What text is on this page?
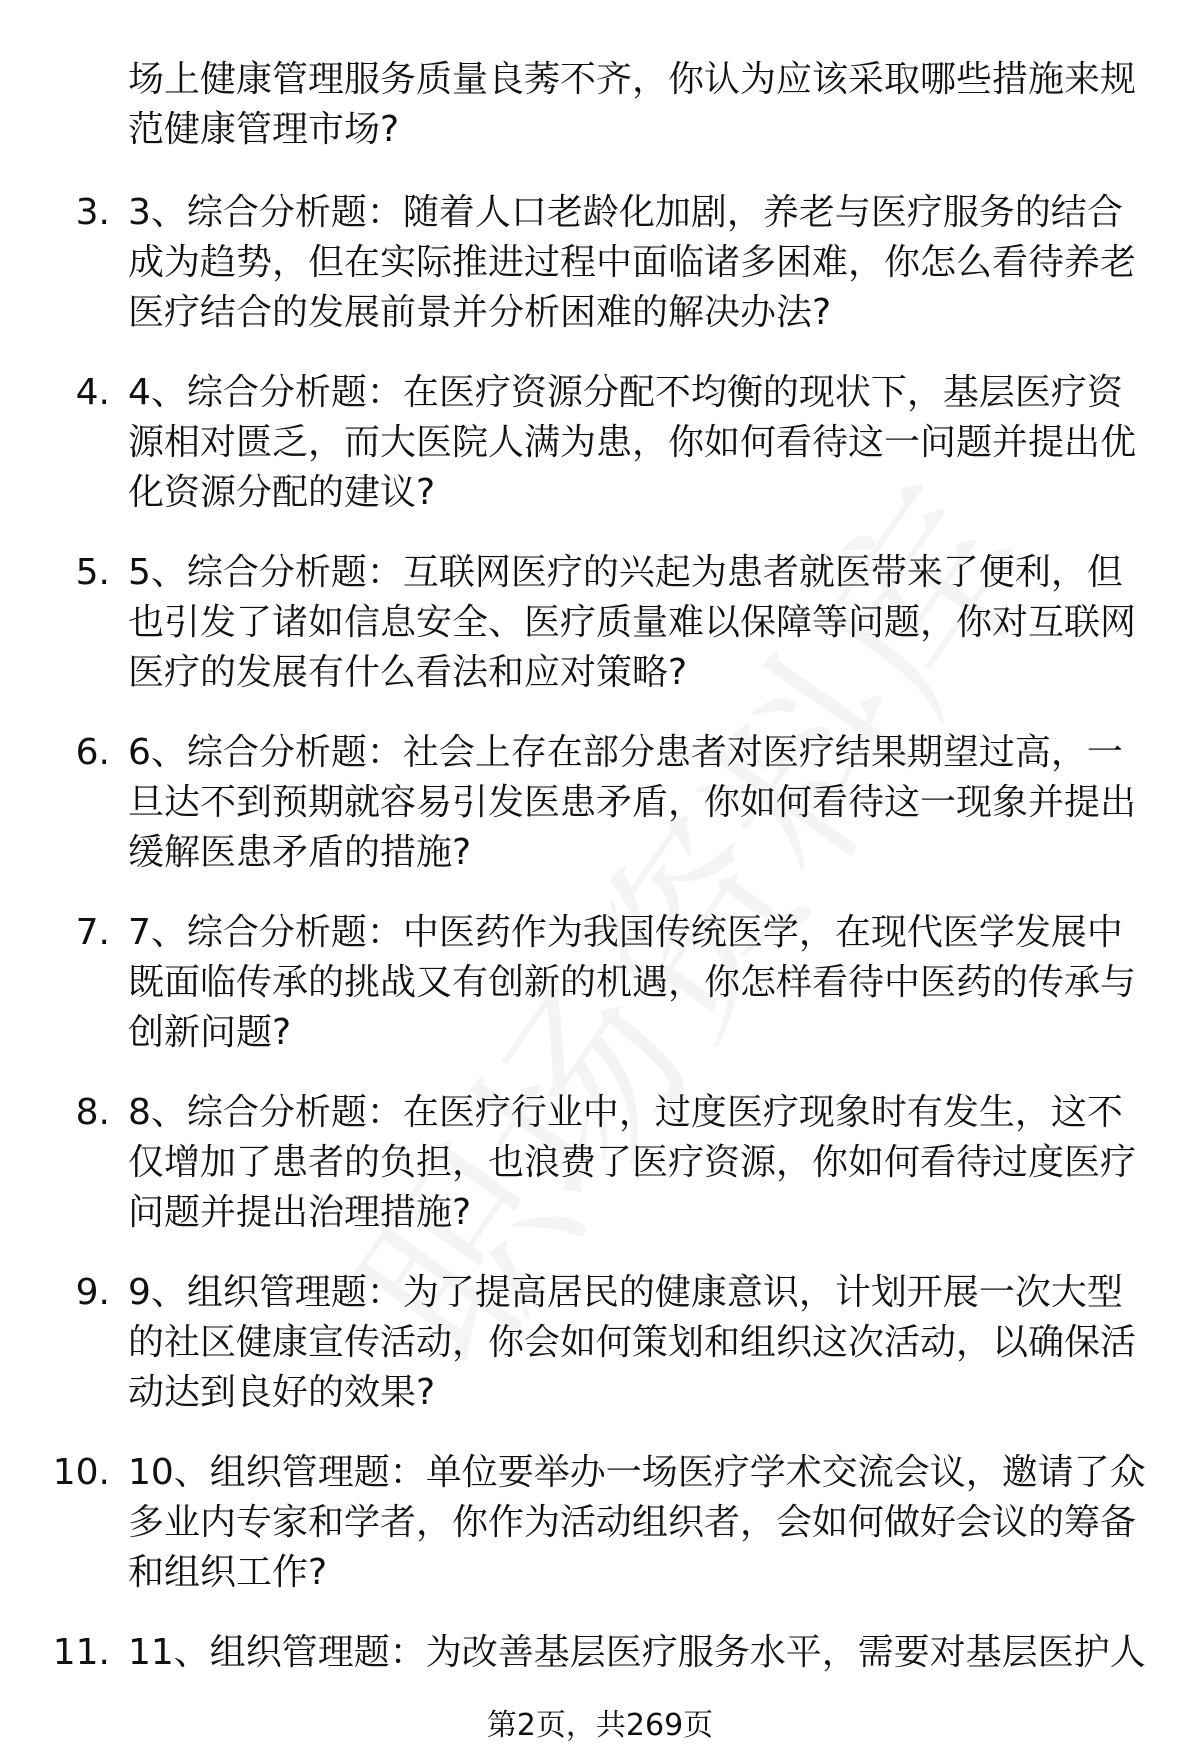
场上健康管理服务质量良莠不齐，你认为应该采取哪些措施来规范健康管理市场?
3. 3、综合分析题：随着人口老龄化加剧，养老与医疗服务的结合成为趋势，但在实际推进过程中面临诸多困难，你怎么看待养老医疗结合的发展前景并分析困难的解决办法?
4. 4、综合分析题：在医疗资源分配不均衡的现状下，基层医疗资源相对匮乏，而大医院人满为患，你如何看待这一问题并提出优化资源分配的建议?
5. 5、综合分析题：互联网医疗的兴起为患者就医带来了便利，但也引发了诸如信息安全、医疗质量难以保障等问题，你对互联网医疗的发展有什么看法和应对策略?
6. 6、综合分析题：社会上存在部分患者对医疗结果期望过高，一旦达不到预期就容易引发医患矛盾，你如何看待这一现象并提出缓解医患矛盾的措施?
7. 7、综合分析题：中医药作为我国传统医学，在现代医学发展中既面临传承的挑战又有创新的机遇，你怎样看待中医药的传承与创新问题?
8. 8、综合分析题：在医疗行业中，过度医疗现象时有发生，这不仅增加了患者的负担，也浪费了医疗资源，你如何看待过度医疗问题并提出治理措施?
9. 9、组织管理题：为了提高居民的健康意识，计划开展一次大型的社区健康宣传活动，你会如何策划和组织这次活动，以确保活动达到良好的效果?
10. 10、组织管理题：单位要举办一场医疗学术交流会议，邀请了众多业内专家和学者，你作为活动组织者，会如何做好会议的筹备和组织工作?
11. 11、组织管理题：为改善基层医疗服务水平，需要对基层医护人
第2页，共269页
